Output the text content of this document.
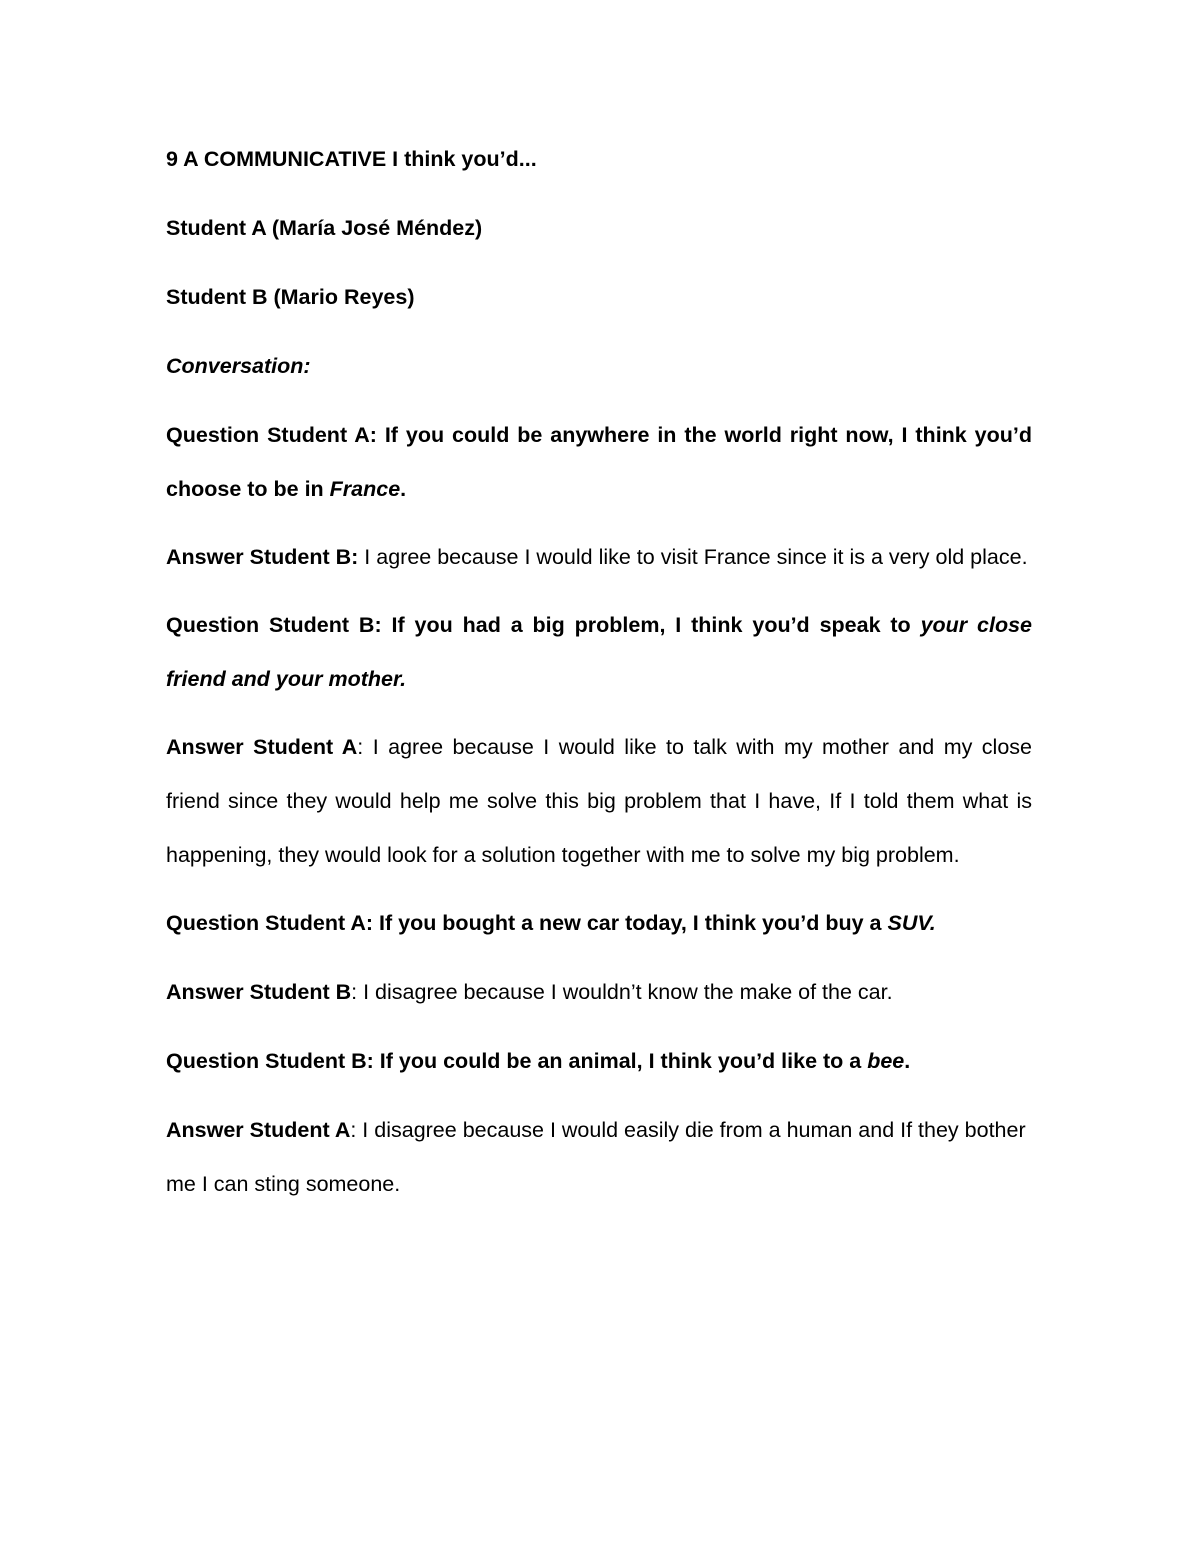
9 A COMMUNICATIVE I think you’d...

Student A (María José Méndez)

Student B (Mario Reyes)

Conversation:

Question Student A: If you could be anywhere in the world right now, I think you’d choose to be in France.

Answer Student B: I agree because I would like to visit France since it is a very old place.

Question Student B: If you had a big problem, I think you’d speak to your close friend and your mother.

Answer Student A: I agree because I would like to talk with my mother and my close friend since they would help me solve this big problem that I have, If I told them what is happening, they would look for a solution together with me to solve my big problem.

Question Student A: If you bought a new car today, I think you’d buy a SUV.

Answer Student B: I disagree because I wouldn’t know the make of the car.

Question Student B: If you could be an animal, I think you’d like to a bee.

Answer Student A: I disagree because I would easily die from a human and If they bother me I can sting someone.
